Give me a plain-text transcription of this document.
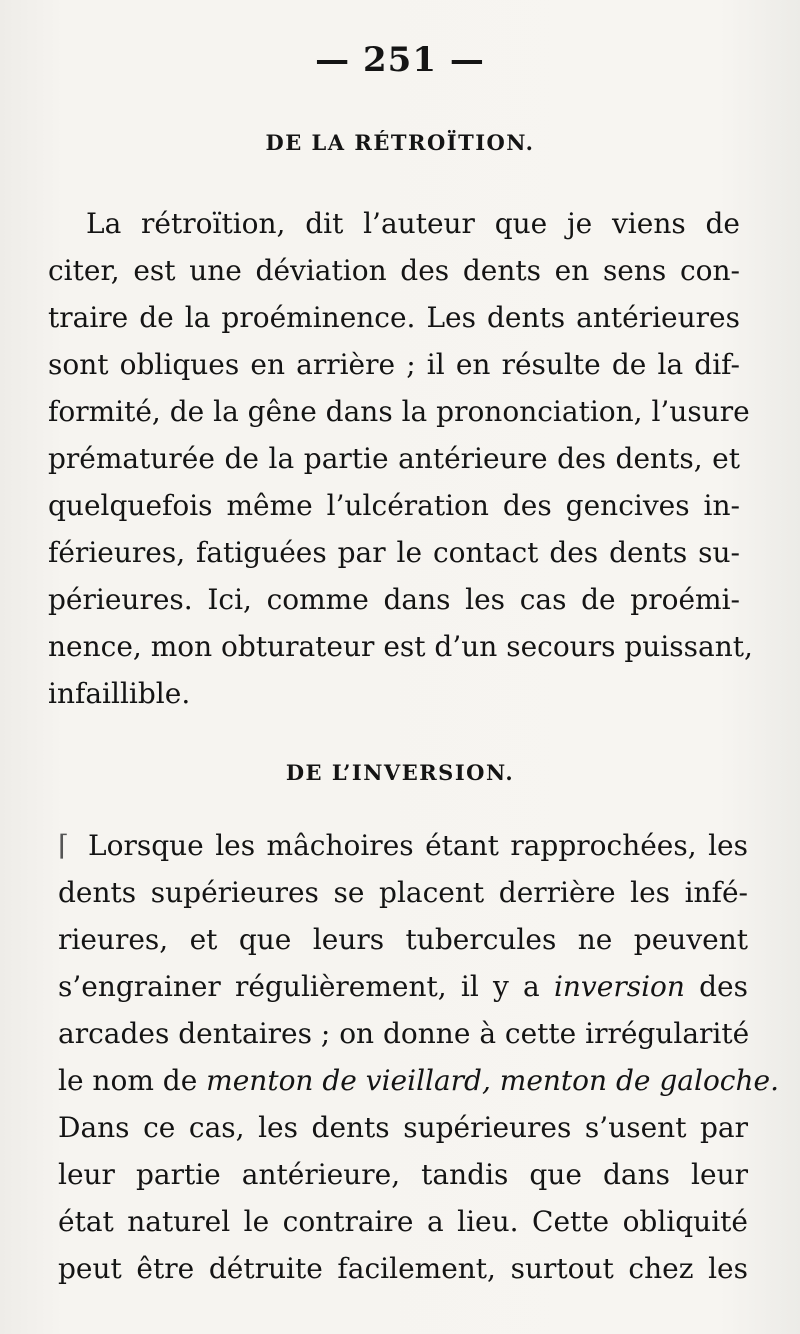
— 251 —
DE LA RÉTROÏTION.
La rétroïtion, dit l’auteur que je viens de
citer, est une déviation des dents en sens con-
traire de la proéminence. Les dents antérieures
sont obliques en arrière ; il en résulte de la dif-
formité, de la gêne dans la prononciation, l’usure
prématurée de la partie antérieure des dents, et
quelquefois même l’ulcération des gencives in-
férieures, fatiguées par le contact des dents su-
périeures. Ici, comme dans les cas de proémi-
nence, mon obturateur est d’un secours puissant,
infaillible.
DE L’INVERSION.
⌈ Lorsque les mâchoires étant rapprochées, les
dents supérieures se placent derrière les infé-
rieures, et que leurs tubercules ne peuvent
s’engrainer régulièrement, il y a inversion des
arcades dentaires ; on donne à cette irrégularité
le nom de menton de vieillard, menton de galoche.
Dans ce cas, les dents supérieures s’usent par
leur partie antérieure, tandis que dans leur
état naturel le contraire a lieu. Cette obliquité
peut être détruite facilement, surtout chez les
